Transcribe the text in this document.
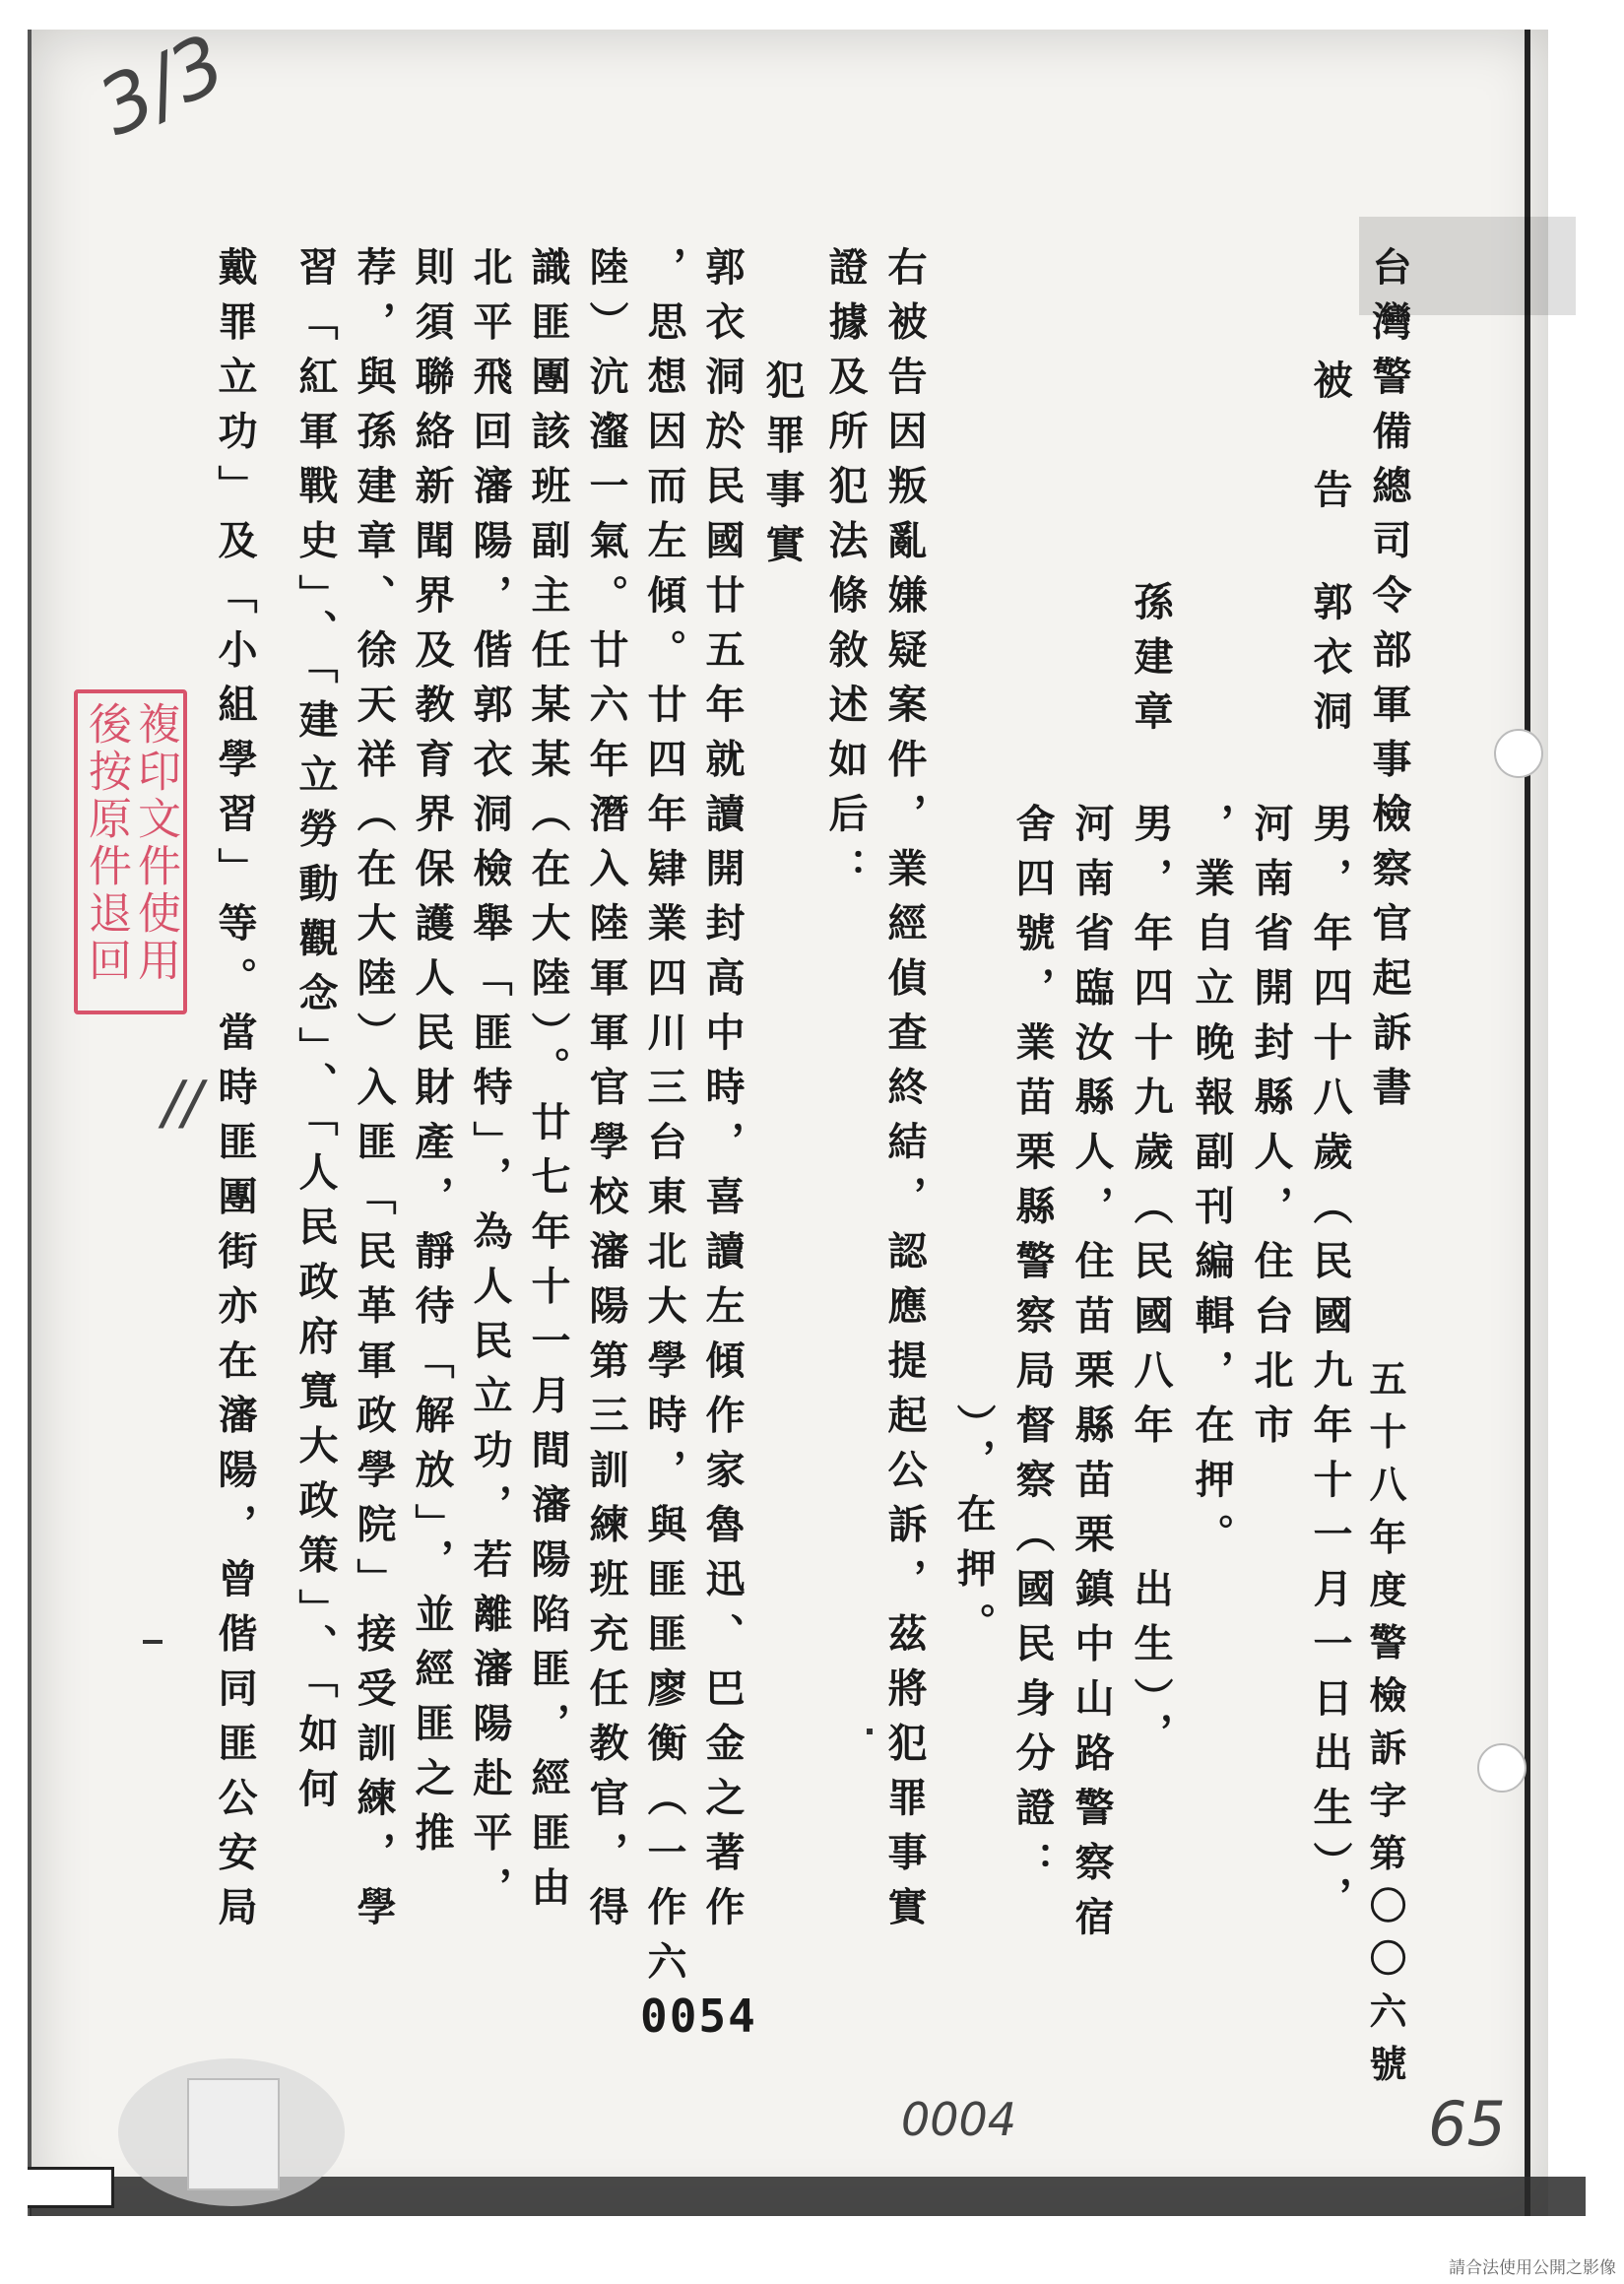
台灣警備總司令部軍事檢察官起訴書
五十八年度警檢訴字第〇〇六號
被　告
郭衣洞
男，年四十八歲（民國九年十一月一日出生），
河南省開封縣人，住台北市
，業自立晚報副刊編輯，在押。
孫建章
男，年四十九歲（民國八年　　出生），
河南省臨汝縣人，住苗栗縣苗栗鎮中山路警察宿
舍四號，業苗栗縣警察局督察（國民身分證：
），在押。
右被告因叛亂嫌疑案件，業經偵查終結，認應提起公訴，茲將犯罪事實
證據及所犯法條敘述如后：
犯罪事實
郭衣洞於民國廿五年就讀開封高中時，喜讀左傾作家魯迅、巴金之著作
，思想因而左傾。廿四年肄業四川三台東北大學時，與匪匪廖衡（一作六
陸）沆瀣一氣。廿六年潛入陸軍軍官學校瀋陽第三訓練班充任教官，得
識匪團該班副主任某某（在大陸）。廿七年十一月間瀋陽陷匪，經匪由
北平飛回瀋陽，偕郭衣洞檢舉「匪特」，為人民立功，若離瀋陽赴平，
則須聯絡新聞界及教育界保護人民財產，靜待「解放」，並經匪之推
荐，與孫建章、徐天祥（在大陸）入匪「民革軍政學院」接受訓練，學
習「紅軍戰史」、「建立勞動觀念」、「人民政府寬大政策」、「如何
戴罪立功」及「小組學習」等。當時匪團街亦在瀋陽，曾偕同匪公安局
複印文件使用後按原件退回
0054
3/3
0004	65
//
請合法使用公開之影像
